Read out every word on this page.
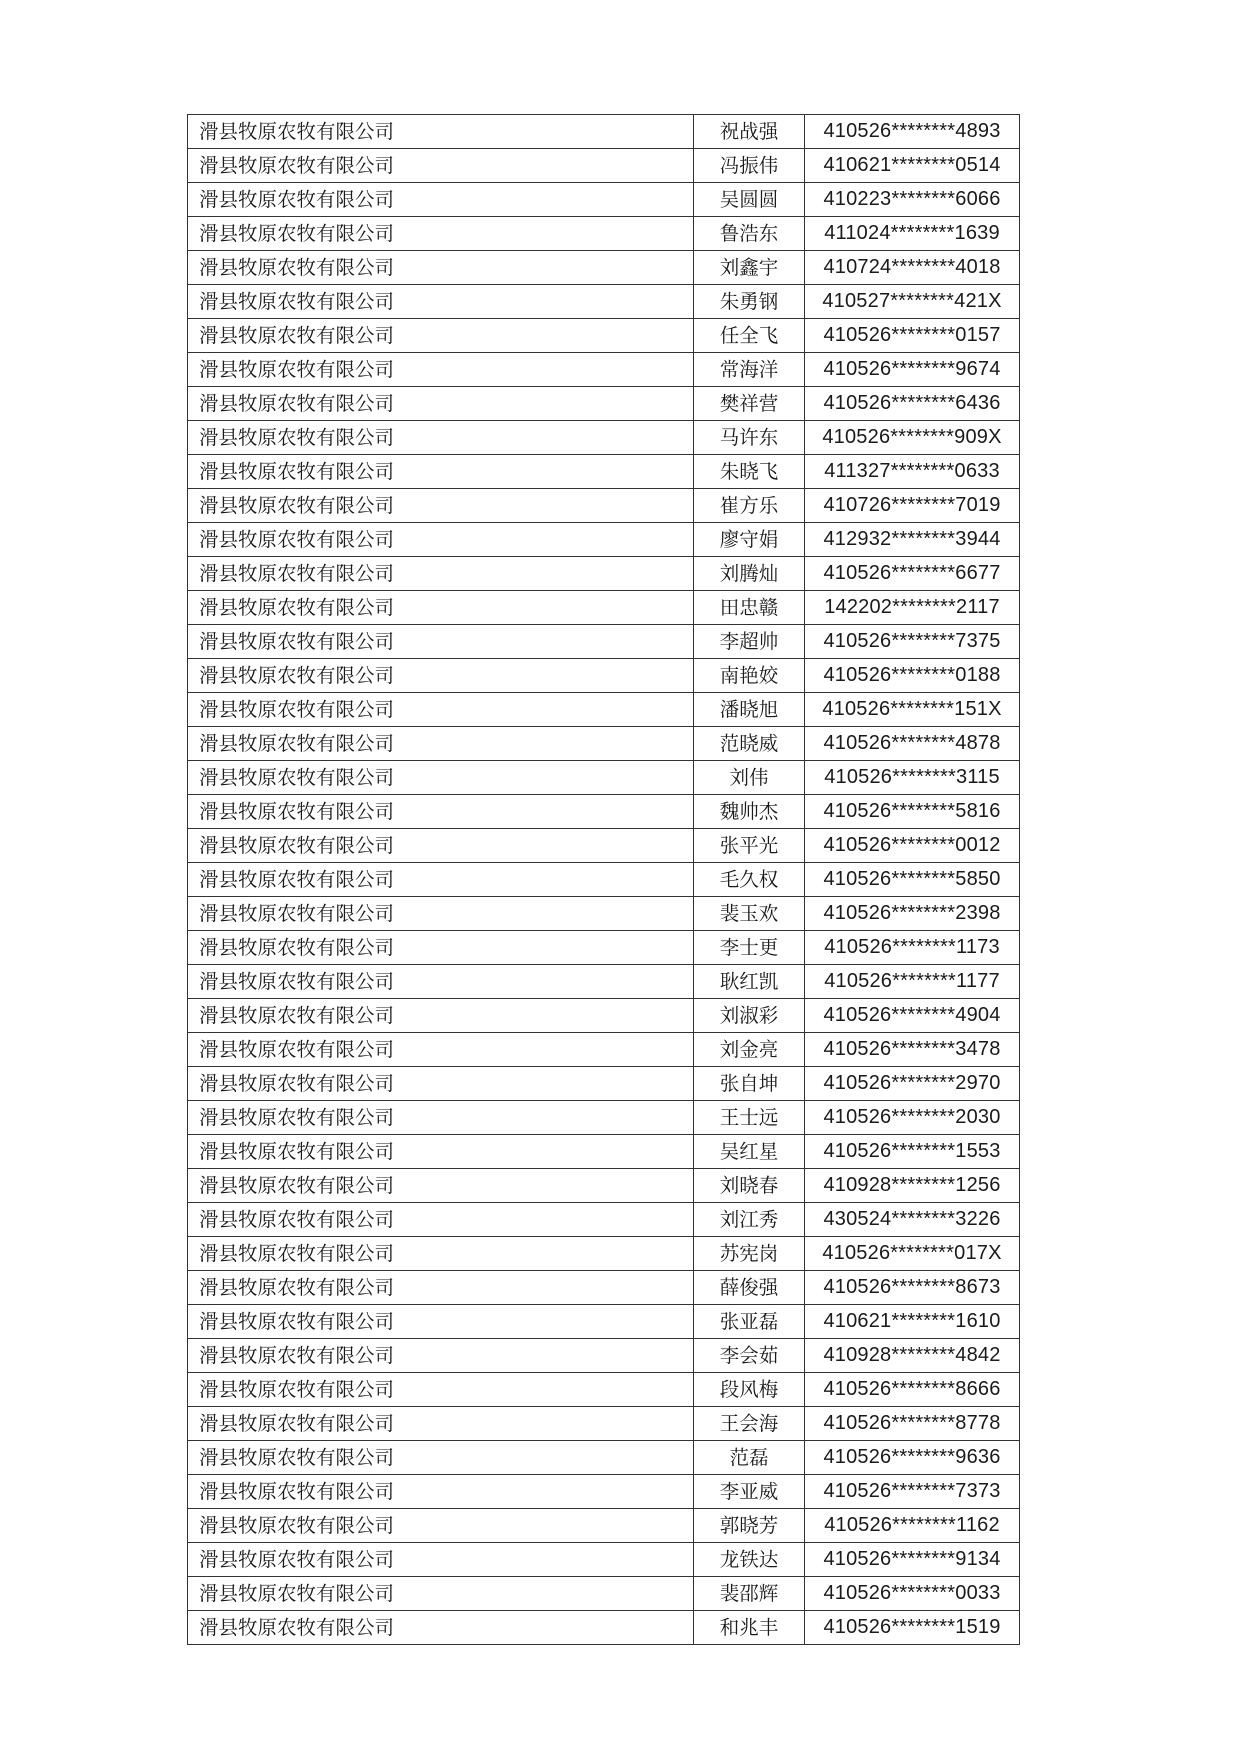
滑县牧原农牧有限公司	祝战强	410526********4893
滑县牧原农牧有限公司	冯振伟	410621********0514
滑县牧原农牧有限公司	吴圆圆	410223********6066
滑县牧原农牧有限公司	鲁浩东	411024********1639
滑县牧原农牧有限公司	刘鑫宇	410724********4018
滑县牧原农牧有限公司	朱勇钢	410527********421X
滑县牧原农牧有限公司	任全飞	410526********0157
滑县牧原农牧有限公司	常海洋	410526********9674
滑县牧原农牧有限公司	樊祥营	410526********6436
滑县牧原农牧有限公司	马许东	410526********909X
滑县牧原农牧有限公司	朱晓飞	411327********0633
滑县牧原农牧有限公司	崔方乐	410726********7019
滑县牧原农牧有限公司	廖守娟	412932********3944
滑县牧原农牧有限公司	刘腾灿	410526********6677
滑县牧原农牧有限公司	田忠赣	142202********2117
滑县牧原农牧有限公司	李超帅	410526********7375
滑县牧原农牧有限公司	南艳姣	410526********0188
滑县牧原农牧有限公司	潘晓旭	410526********151X
滑县牧原农牧有限公司	范晓威	410526********4878
滑县牧原农牧有限公司	刘伟	410526********3115
滑县牧原农牧有限公司	魏帅杰	410526********5816
滑县牧原农牧有限公司	张平光	410526********0012
滑县牧原农牧有限公司	毛久权	410526********5850
滑县牧原农牧有限公司	裴玉欢	410526********2398
滑县牧原农牧有限公司	李士更	410526********1173
滑县牧原农牧有限公司	耿红凯	410526********1177
滑县牧原农牧有限公司	刘淑彩	410526********4904
滑县牧原农牧有限公司	刘金亮	410526********3478
滑县牧原农牧有限公司	张自坤	410526********2970
滑县牧原农牧有限公司	王士远	410526********2030
滑县牧原农牧有限公司	吴红星	410526********1553
滑县牧原农牧有限公司	刘晓春	410928********1256
滑县牧原农牧有限公司	刘江秀	430524********3226
滑县牧原农牧有限公司	苏宪岗	410526********017X
滑县牧原农牧有限公司	薛俊强	410526********8673
滑县牧原农牧有限公司	张亚磊	410621********1610
滑县牧原农牧有限公司	李会茹	410928********4842
滑县牧原农牧有限公司	段风梅	410526********8666
滑县牧原农牧有限公司	王会海	410526********8778
滑县牧原农牧有限公司	范磊	410526********9636
滑县牧原农牧有限公司	李亚威	410526********7373
滑县牧原农牧有限公司	郭晓芳	410526********1162
滑县牧原农牧有限公司	龙铁达	410526********9134
滑县牧原农牧有限公司	裴邵辉	410526********0033
滑县牧原农牧有限公司	和兆丰	410526********1519
